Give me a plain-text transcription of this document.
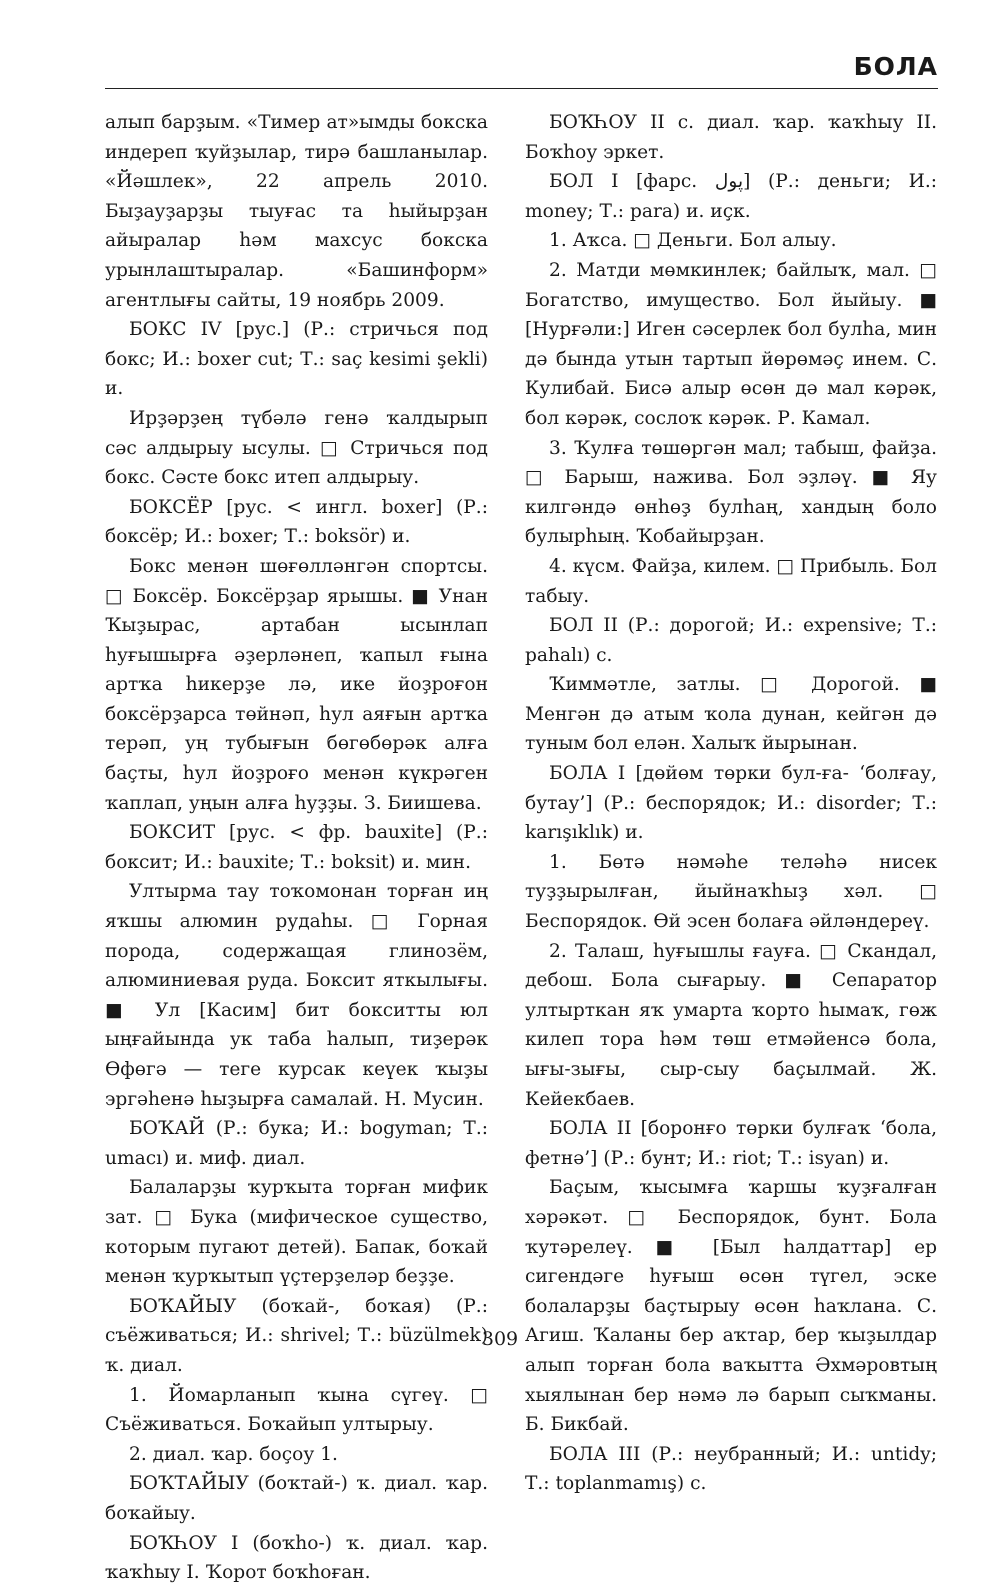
БОЛА

алып барҙым. «Тимер ат»ымды бокска индереп ҡуйҙылар, тирә башланылар. «Йәшлек», 22 апрель 2010. Быҙауҙарҙы тыуғас та һыйырҙан айыралар һәм махсус бокска урынлаштыралар. «Башинформ» агентлығы сайты, 19 ноябрь 2009.

БОКС IV [рус.] (Р.: стричься под бокс; И.: boxer cut; Т.: saç kesimi şekli) и.

Ирҙәрҙең түбәлә генә ҡалдырып сәс алдырыу ысулы. □ Стричься под бокс. Сәсте бокс итеп алдырыу.

БОКСЁР [рус. < ингл. boxer] (Р.: боксёр; И.: boxer; Т.: boksör) и.

Бокс менән шөғөлләнгән спортсы. □ Боксёр. Боксёрҙар ярышы. ■ Унан Ҡыҙырас, артабан ысынлап һуғышырға әҙерләнеп, ҡапыл ғына артҡа һикерҙе лә, ике йоҙроғон боксёрҙарса төйнәп, һул аяғын артҡа терәп, уң тубығын бөгөбөрәк алға баҫты, һул йоҙроғо менән күкрәген ҡаплап, уңын алға һуҙҙы. З. Биишева.

БОКСИТ [рус. < фр. bauxite] (Р.: боксит; И.: bauxite; Т.: boksit) и. мин.

Ултырма тау тоҡомонан торған иң яҡшы алюмин рудаһы. □ Горная порода, содержащая глинозём, алюминиевая руда. Боксит яткылығы. ■ Ул [Касим] бит бокситты юл ыңғайында ук таба һалып, тиҙерәк Өфөгә — теге курсак кеүек ҡыҙы эргәһенә һыҙырға самалай. Н. Мусин.

БОҠАЙ (Р.: бука; И.: bogyman; Т.: umacı) и. миф. диал.

Балаларҙы ҡурҡыта торған мифик зат. □ Бука (мифическое существо, которым пугают детей). Бапак, боҡай менән ҡурҡытып үҫтерҙеләр беҙҙе.

БОҠАЙЫУ (боҡай-, боҡая) (Р.: съёживаться; И.: shrivel; Т.: büzülmek) ҡ. диал.

1. Йомарланып ҡына сүгеү. □ Съёживаться. Боҡайып ултырыу.

2. диал. ҡар. боҫоу 1.

БОҠТАЙЫУ (боҡтай-) ҡ. диал. ҡар. боҡайыу.

БОҠҺОУ I (боҡһо-) ҡ. диал. ҡар. ҡаҡһыу I. Ҡорот боҡһоған.

БОҠҺОУ II с. диал. ҡар. ҡаҡһыу II. Боҡһоу эркет.

БОЛ I [фарс. پول] (Р.: деньги; И.: money; Т.: para) и. иҫк.

1. Аҡса. □ Деньги. Бол алыу.

2. Матди мөмкинлек; байлыҡ, мал. □ Богатство, имущество. Бол йыйыу. ■ [Нурғәли:] Иген сәсерлек бол булһа, мин дә бында утын тартып йөрөмәҫ инем. С. Кулибай. Бисә алыр өсөн дә мал кәрәк, бол кәрәк, сослоҡ кәрәк. Р. Камал.

3. Ҡулға төшөргән мал; табыш, файҙа. □ Барыш, нажива. Бол эҙләү. ■ Яу килгәндә өнһөҙ булһаң, хандың боло булырһың. Ҡобайырҙан.

4. күсм. Файҙа, килем. □ Прибыль. Бол табыу.

БОЛ II (Р.: дорогой; И.: expensive; Т.: pahalı) с.

Ҡиммәтле, затлы. □ Дорогой. ■ Менгән дә атым ҡола дунан, кейгән дә туным бол елән. Халыҡ йырынан.

БОЛА I [дөйөм төрки бул-ға- ‘болғау, бутау’] (Р.: беспорядок; И.: disorder; Т.: karışıklık) и.

1. Бөтә нәмәһе теләһә нисек туҙҙырылған, йыйнаҡһыҙ хәл. □ Беспорядок. Өй эсен болаға әйләндереү.

2. Талаш, һуғышлы ғауға. □ Скандал, дебош. Бола сығарыу. ■ Сепаратор ултырткан яҡ умарта ҡорто һымаҡ, гөж килеп тора һәм төш етмәйенсә бола, ығы-зығы, сыр-сыу баҫылмай. Ж. Кейекбаев.

БОЛА II [боронғо төрки булғаҡ ‘бола, фетнә’] (Р.: бунт; И.: riot; Т.: isyan) и.

Баҫым, ҡысымға ҡаршы ҡуҙғалған хәрәкәт. □ Беспорядок, бунт. Бола ҡутәрелеү. ■ [Был һалдаттар] ер сигендәге һуғыш өсөн түгел, эске болаларҙы баҫтырыу өсөн һаҡлана. С. Агиш. Ҡаланы бер аҡтар, бер ҡыҙылдар алып торған бола ваҡытта Әхмәровтың хыялынан бер нәмә лә барып сыҡманы. Б. Бикбай.

БОЛА III (Р.: неубранный; И.: untidy; Т.: toplanmamış) с.

309
